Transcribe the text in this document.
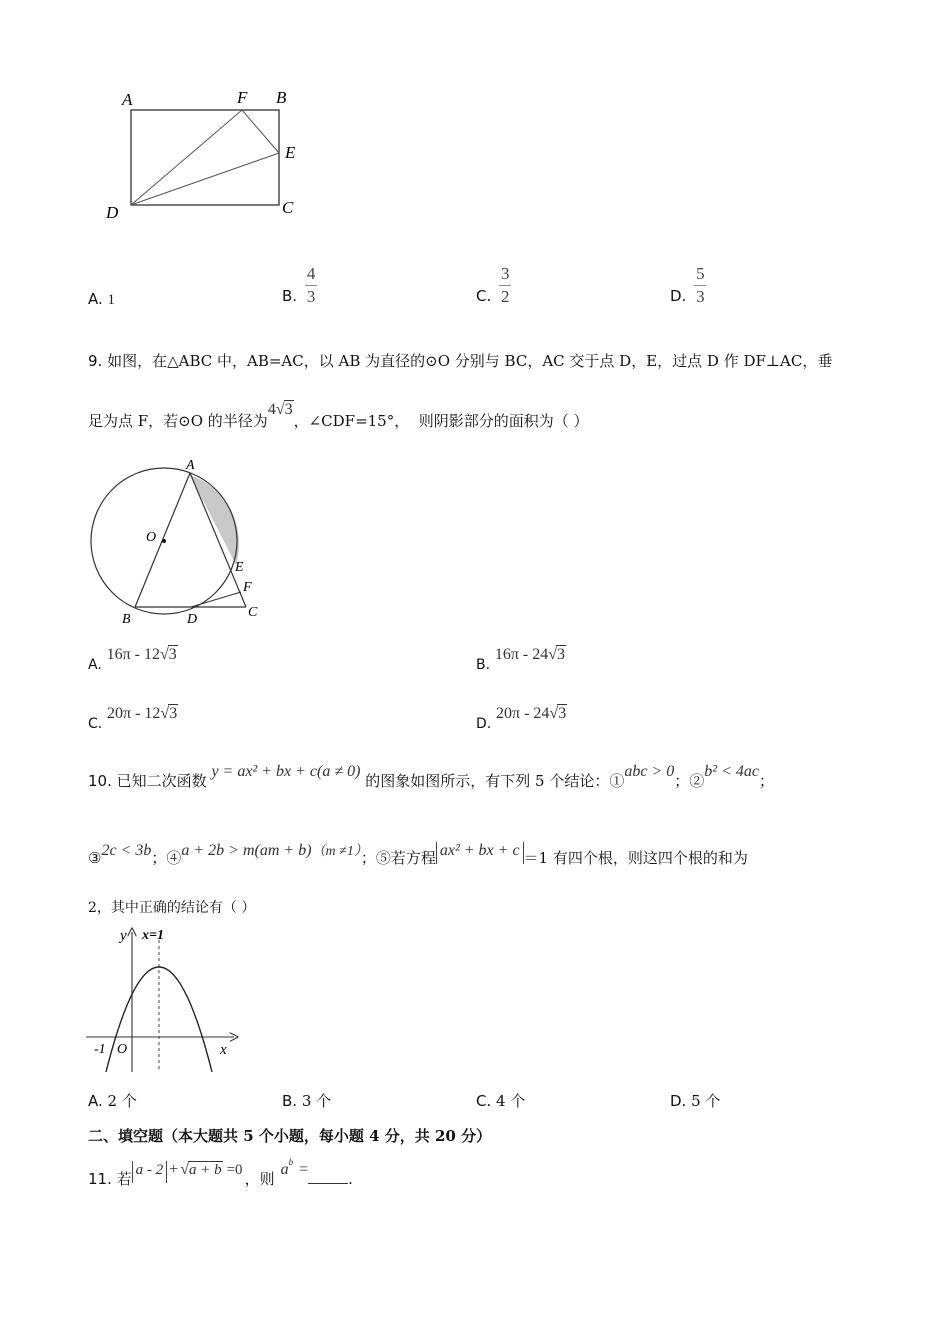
A	F B
E
D	C
A. 1	B. $\frac{4}{3}$	C. $\frac{3}{2}$	D. $\frac{5}{3}$
9. 如图，在△ABC 中，AB=AC，以 AB 为直径的⊙O 分别与 BC，AC 交于点 D，E，过点 D 作 DF⊥AC，垂
足为点 F，若⊙O 的半径为4√3，∠CDF=15°， 则阴影部分的面积为（ ）
A
O
E
F
B	D	C
A. 16π - 12√3
B. 16π - 24√3
C. 20π - 12√3
D. 20π - 24√3
10. 已知二次函数 y = ax² + bx + c(a ≠ 0) 的图象如图所示，有下列 5 个结论：①abc > 0；②b² < 4ac；
③2c < 3b；④a + 2b > m(am + b)（m ≠1）；⑤若方程 ax² + bx + c ＝1 有四个根，则这四个根的和为
2，其中正确的结论有（ ）
y x=1
x
-1 O
A. 2 个	B. 3 个	C. 4 个	D. 5 个
二、填空题（本大题共 5 个小题，每小题 4 分，共 20 分）
11. 若 a - 2 + √a + b =0 ，则$a^b$ =.
